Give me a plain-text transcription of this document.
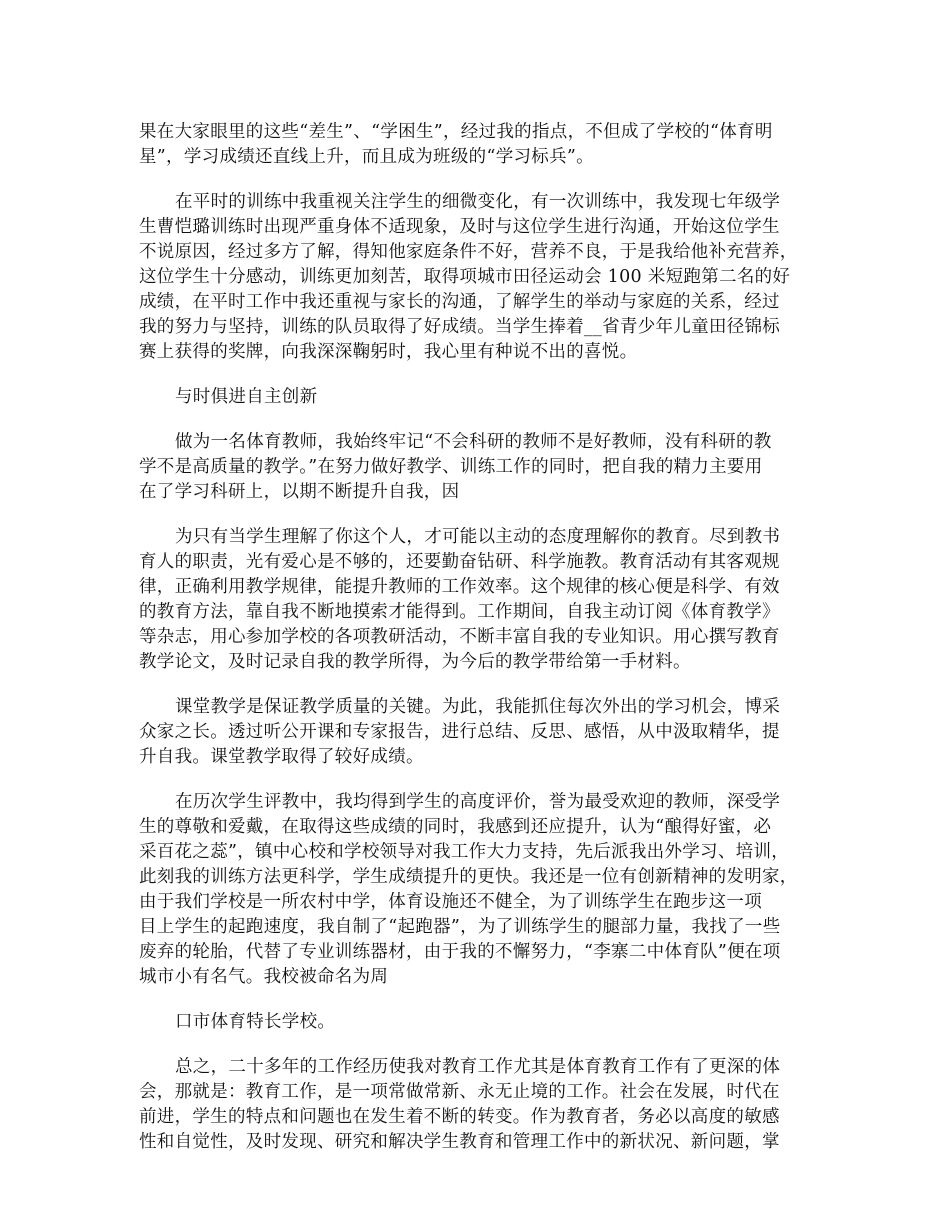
果在大家眼里的这些“差生”、“学困生”，经过我的指点，不但成了学校的“体育明
星”，学习成绩还直线上升，而且成为班级的“学习标兵”。

在平时的训练中我重视关注学生的细微变化，有一次训练中，我发现七年级学
生曹恺璐训练时出现严重身体不适现象，及时与这位学生进行沟通，开始这位学生
不说原因，经过多方了解，得知他家庭条件不好，营养不良，于是我给他补充营养，
这位学生十分感动，训练更加刻苦，取得项城市田径运动会 100 米短跑第二名的好
成绩，在平时工作中我还重视与家长的沟通，了解学生的举动与家庭的关系，经过
我的努力与坚持，训练的队员取得了好成绩。当学生捧着__省青少年儿童田径锦标
赛上获得的奖牌，向我深深鞠躬时，我心里有种说不出的喜悦。

与时俱进自主创新

做为一名体育教师，我始终牢记“不会科研的教师不是好教师，没有科研的教
学不是高质量的教学。”在努力做好教学、训练工作的同时，把自我的精力主要用
在了学习科研上，以期不断提升自我，因

为只有当学生理解了你这个人，才可能以主动的态度理解你的教育。尽到教书
育人的职责，光有爱心是不够的，还要勤奋钻研、科学施教。教育活动有其客观规
律，正确利用教学规律，能提升教师的工作效率。这个规律的核心便是科学、有效
的教育方法，靠自我不断地摸索才能得到。工作期间，自我主动订阅《体育教学》
等杂志，用心参加学校的各项教研活动，不断丰富自我的专业知识。用心撰写教育
教学论文，及时记录自我的教学所得，为今后的教学带给第一手材料。

课堂教学是保证教学质量的关键。为此，我能抓住每次外出的学习机会，博采
众家之长。透过听公开课和专家报告，进行总结、反思、感悟，从中汲取精华，提
升自我。课堂教学取得了较好成绩。

在历次学生评教中，我均得到学生的高度评价，誉为最受欢迎的教师，深受学
生的尊敬和爱戴，在取得这些成绩的同时，我感到还应提升，认为“酿得好蜜，必
采百花之蕊”，镇中心校和学校领导对我工作大力支持，先后派我出外学习、培训，
此刻我的训练方法更科学，学生成绩提升的更快。我还是一位有创新精神的发明家，
由于我们学校是一所农村中学，体育设施还不健全，为了训练学生在跑步这一项
目上学生的起跑速度，我自制了“起跑器”，为了训练学生的腿部力量，我找了一些
废弃的轮胎，代替了专业训练器材，由于我的不懈努力，“李寨二中体育队”便在项
城市小有名气。我校被命名为周

口市体育特长学校。

总之，二十多年的工作经历使我对教育工作尤其是体育教育工作有了更深的体
会，那就是：教育工作，是一项常做常新、永无止境的工作。社会在发展，时代在
前进，学生的特点和问题也在发生着不断的转变。作为教育者，务必以高度的敏感
性和自觉性，及时发现、研究和解决学生教育和管理工作中的新状况、新问题，掌
